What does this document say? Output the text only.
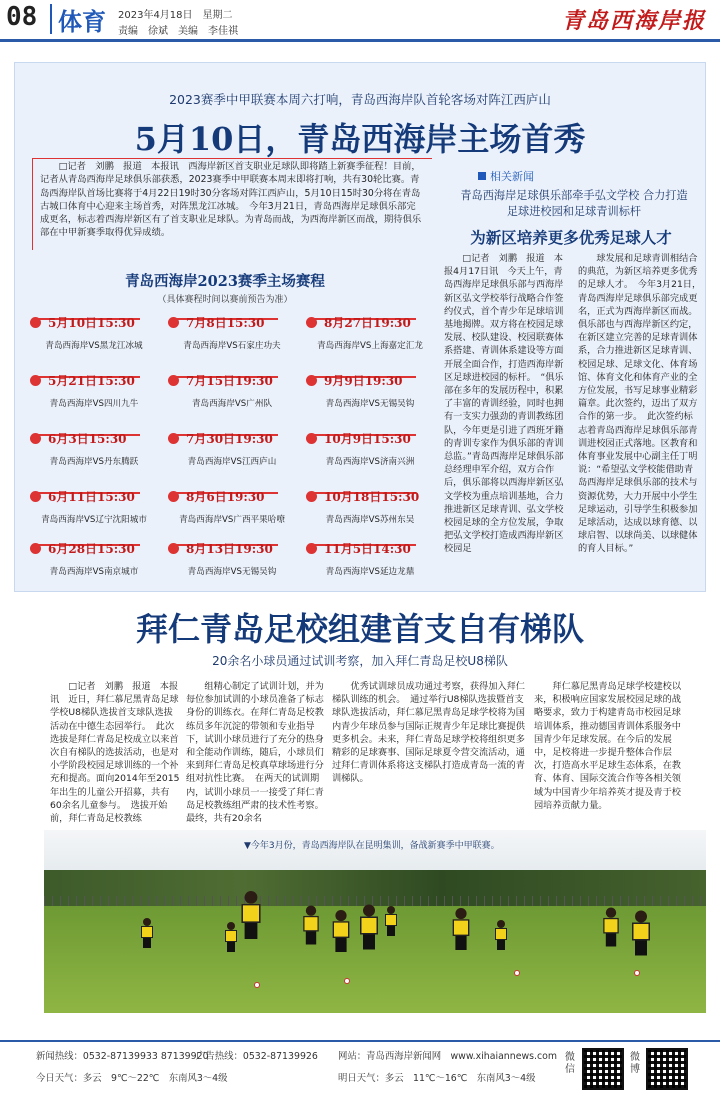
08 体育 2023年4月18日　星期二
责编　徐斌　美编　李佳祺	青岛西海岸报
2023赛季中甲联赛本周六打响，青岛西海岸队首轮客场对阵江西庐山
5月10日，青岛西海岸主场首秀
□记者　刘鹏　报道　本报讯　西海岸新区首支职业足球队即将踏上新赛季征程！目前，记者从青岛西海岸足球俱乐部获悉，2023赛季中甲联赛本周末即将打响，共有30轮比赛。青岛西海岸队首场比赛将于4月22日19时30分客场对阵江西庐山，5月10日15时30分将在青岛古城口体育中心迎来主场首秀，对阵黑龙江冰城。　今年3月21日，青岛西海岸足球俱乐部完成更名，标志着西海岸新区有了首支职业足球队。为青岛而战，为西海岸新区而战，期待俱乐部在中甲新赛季取得优异成绩。
青岛西海岸2023赛季主场赛程
（具体赛程时间以赛前预告为准）
5月10日15:30
青岛西海岸VS黑龙江冰城
7月8日15:30
青岛西海岸VS石家庄功夫
8月27日19:30
青岛西海岸VS上海嘉定汇龙
5月21日15:30
青岛西海岸VS四川九牛
7月15日19:30
青岛西海岸VS广州队
9月9日19:30
青岛西海岸VS无锡吴钩
6月3日15:30
青岛西海岸VS丹东腾跃
7月30日19:30
青岛西海岸VS江西庐山
10月9日15:30
青岛西海岸VS济南兴洲
6月11日15:30
青岛西海岸VS辽宁沈阳城市
8月6日19:30
青岛西海岸VS广西平果哈嘹
10月18日15:30
青岛西海岸VS苏州东吴
6月28日15:30
青岛西海岸VS南京城市
8月13日19:30
青岛西海岸VS无锡吴钩
11月5日14:30
青岛西海岸VS延边龙鼎
相关新闻
青岛西海岸足球俱乐部牵手弘文学校 合力打造足球进校园和足球青训标杆
为新区培养更多优秀足球人才
□记者　刘鹏　报道　本报4月17日讯　今天上午，青岛西海岸足球俱乐部与西海岸新区弘文学校举行战略合作签约仪式，首个青少年足球培训基地揭牌。双方将在校园足球发展、校队建设、校园联赛体系搭建、青训体系建设等方面开展全面合作，打造西海岸新区足球进校园的标杆。　“俱乐部在多年的发展历程中，积累了丰富的青训经验，同时也拥有一支实力强劲的青训教练团队，今年更是引进了西班牙籍的青训专家作为俱乐部的青训总监。”青岛西海岸足球俱乐部总经理申军介绍，双方合作后，俱乐部将以西海岸新区弘文学校为重点培训基地，合力推进新区足球青训、弘文学校校园足球的全方位发展，争取把弘文学校打造成西海岸新区校园足
球发展和足球青训相结合的典范，为新区培养更多优秀的足球人才。　今年3月21日，青岛西海岸足球俱乐部完成更名，正式为西海岸新区而战。俱乐部也与西海岸新区约定，在新区建立完善的足球青训体系，合力推进新区足球青训、校园足球、足球文化、体育场馆、体育文化和体育产业的全方位发展，书写足球事业精彩篇章。此次签约，迈出了双方合作的第一步。　此次签约标志着青岛西海岸足球俱乐部青训进校园正式落地。区教育和体育事业发展中心副主任丁明说：“希望弘文学校能借助青岛西海岸足球俱乐部的技术与资源优势，大力开展中小学生足球运动，引导学生积极参加足球活动，达成以球育德、以球启智、以球尚美、以球健体的育人目标。”
拜仁青岛足校组建首支自有梯队
20余名小球员通过试训考察，加入拜仁青岛足校U8梯队
□记者　刘鹏　报道　本报讯　近日，拜仁慕尼黑青岛足球学校U8梯队选拔首支球队选拔活动在中德生态园举行。　此次选拔是拜仁青岛足校成立以来首次自有梯队的选拔活动，也是对小学阶段校园足球训练的一个补充和提高。面向2014年至2015年出生的儿童公开招募，共有60余名儿童参与。　选拔开始前，拜仁青岛足校教练
组精心制定了试训计划，并为每位参加试训的小球员准备了标志身份的训练衣。在拜仁青岛足校教练员多年沉淀的带领和专业指导下，试训小球员进行了充分的热身和全能动作训练，随后，小球员们来到拜仁青岛足校真草球场进行分组对抗性比赛。　在两天的试训期内，试训小球员一一接受了拜仁青岛足校教练组严肃的技术性考察。最终，共有20余名
优秀试训球员成功通过考察，获得加入拜仁梯队训练的机会。　通过举行U8梯队选拔暨首支球队选拔活动，拜仁慕尼黑青岛足球学校将为国内青少年球员参与国际正规青少年足球比赛提供更多机会。未来，拜仁青岛足球学校将组织更多精彩的足球赛事、国际足球夏令营交流活动，通过拜仁青训体系将这支梯队打造成青岛一流的青训梯队。
拜仁慕尼黑青岛足球学校建校以来，积极响应国家发展校园足球的战略要求，致力于构建青岛市校园足球培训体系，推动德国青训体系服务中国青少年足球发展。在今后的发展中，足校将进一步提升整体合作层次，打造高水平足球生态体系，在教育、体育、国际交流合作等各相关领域为中国青少年培养英才提及青于校园培养贡献力量。
▼今年3月份，青岛西海岸队在昆明集训，备战新赛季中甲联赛。
新闻热线：0532-87139933 87139920
广告热线：0532-87139926 网站：青岛西海岸新闻网　www.xihaiannews.com
今日天气：多云　9℃～22℃　东南风3～4级	明日天气：多云　11℃～16℃　东南风3～4级
微信
微博
